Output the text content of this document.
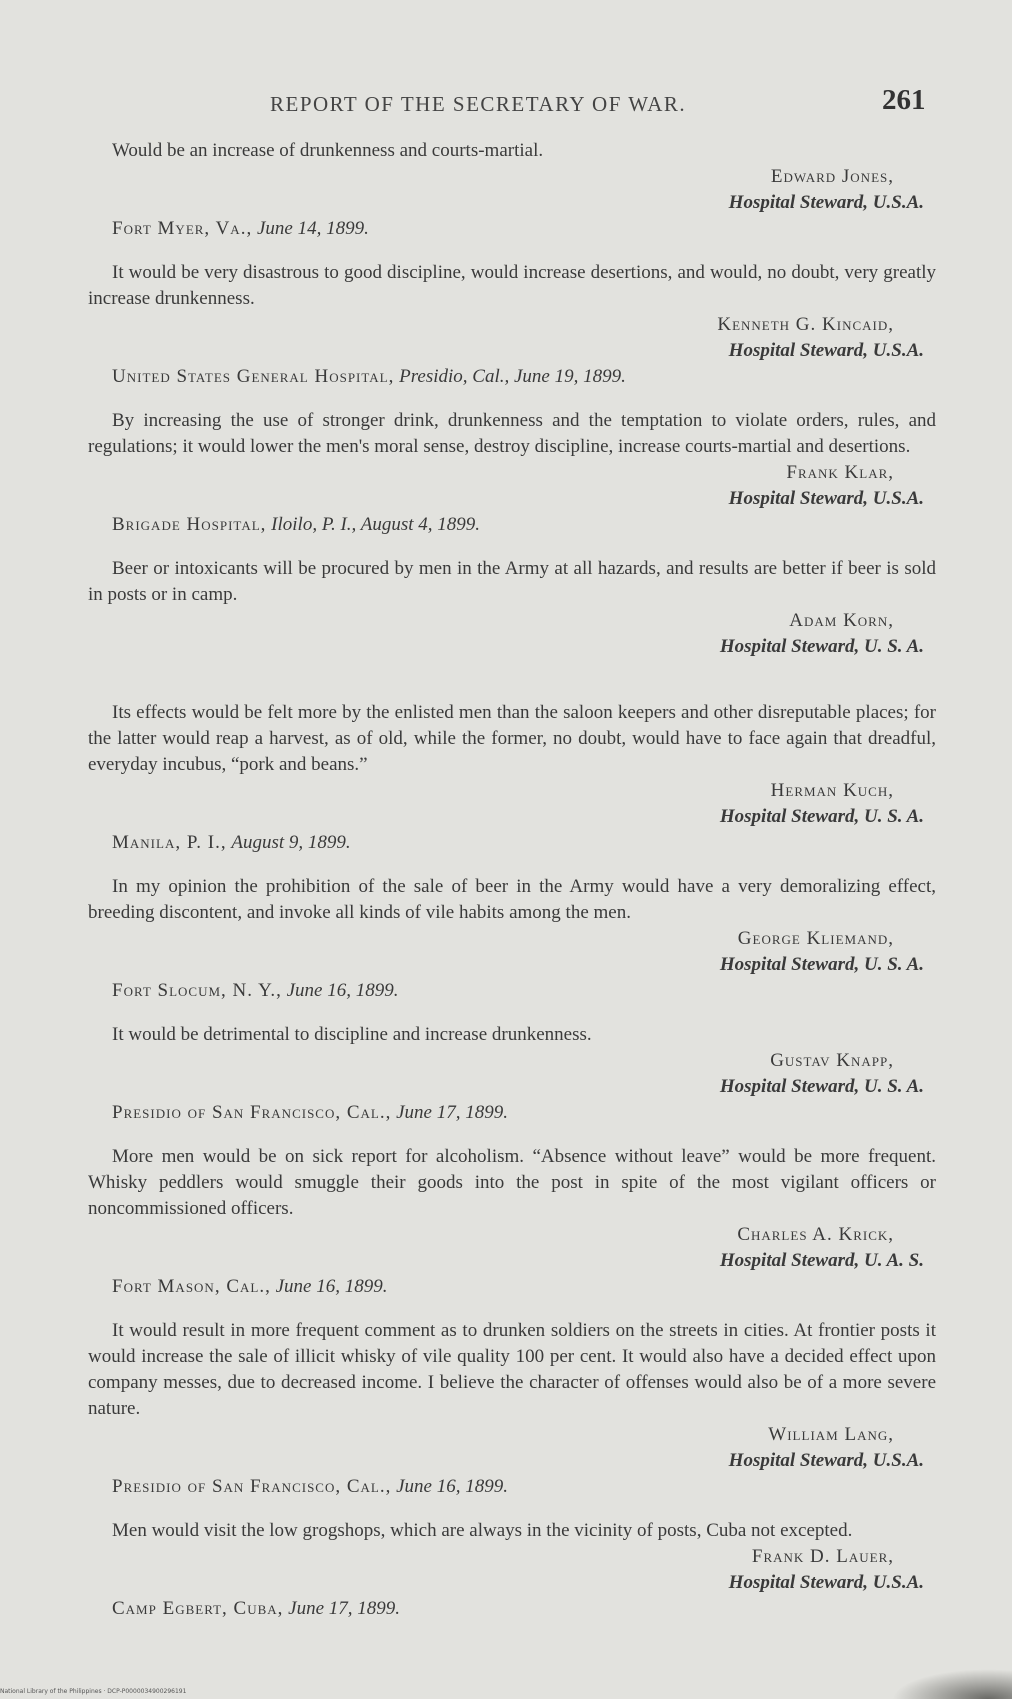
REPORT OF THE SECRETARY OF WAR.	261

Would be an increase of drunkenness and courts-martial.

Edward Jones,
Hospital Steward, U.S.A.
Fort Myer, Va., June 14, 1899.

It would be very disastrous to good discipline, would increase desertions, and would, no doubt, very greatly increase drunkenness.

Kenneth G. Kincaid,
Hospital Steward, U.S.A.
United States General Hospital, Presidio, Cal., June 19, 1899.

By increasing the use of stronger drink, drunkenness and the temptation to violate orders, rules, and regulations; it would lower the men's moral sense, destroy discipline, increase courts-martial and desertions.

Frank Klar,
Hospital Steward, U.S.A.
Brigade Hospital, Iloilo, P. I., August 4, 1899.

Beer or intoxicants will be procured by men in the Army at all hazards, and results are better if beer is sold in posts or in camp.

Adam Korn,
Hospital Steward, U. S. A.

Its effects would be felt more by the enlisted men than the saloon keepers and other disreputable places; for the latter would reap a harvest, as of old, while the former, no doubt, would have to face again that dreadful, everyday incubus, “pork and beans.”

Herman Kuch,
Hospital Steward, U. S. A.
Manila, P. I., August 9, 1899.

In my opinion the prohibition of the sale of beer in the Army would have a very demoralizing effect, breeding discontent, and invoke all kinds of vile habits among the men.

George Kliemand,
Hospital Steward, U. S. A.
Fort Slocum, N. Y., June 16, 1899.

It would be detrimental to discipline and increase drunkenness.

Gustav Knapp,
Hospital Steward, U. S. A.
Presidio of San Francisco, Cal., June 17, 1899.

More men would be on sick report for alcoholism. “Absence without leave” would be more frequent. Whisky peddlers would smuggle their goods into the post in spite of the most vigilant officers or noncommissioned officers.

Charles A. Krick,
Hospital Steward, U. A. S.
Fort Mason, Cal., June 16, 1899.

It would result in more frequent comment as to drunken soldiers on the streets in cities. At frontier posts it would increase the sale of illicit whisky of vile quality 100 per cent. It would also have a decided effect upon company messes, due to decreased income. I believe the character of offenses would also be of a more severe nature.

William Lang,
Hospital Steward, U.S.A.
Presidio of San Francisco, Cal., June 16, 1899.

Men would visit the low grogshops, which are always in the vicinity of posts, Cuba not excepted.

Frank D. Lauer,
Hospital Steward, U.S.A.
Camp Egbert, Cuba, June 17, 1899.
National Library of the Philippines · DCP-P0000034900296191
